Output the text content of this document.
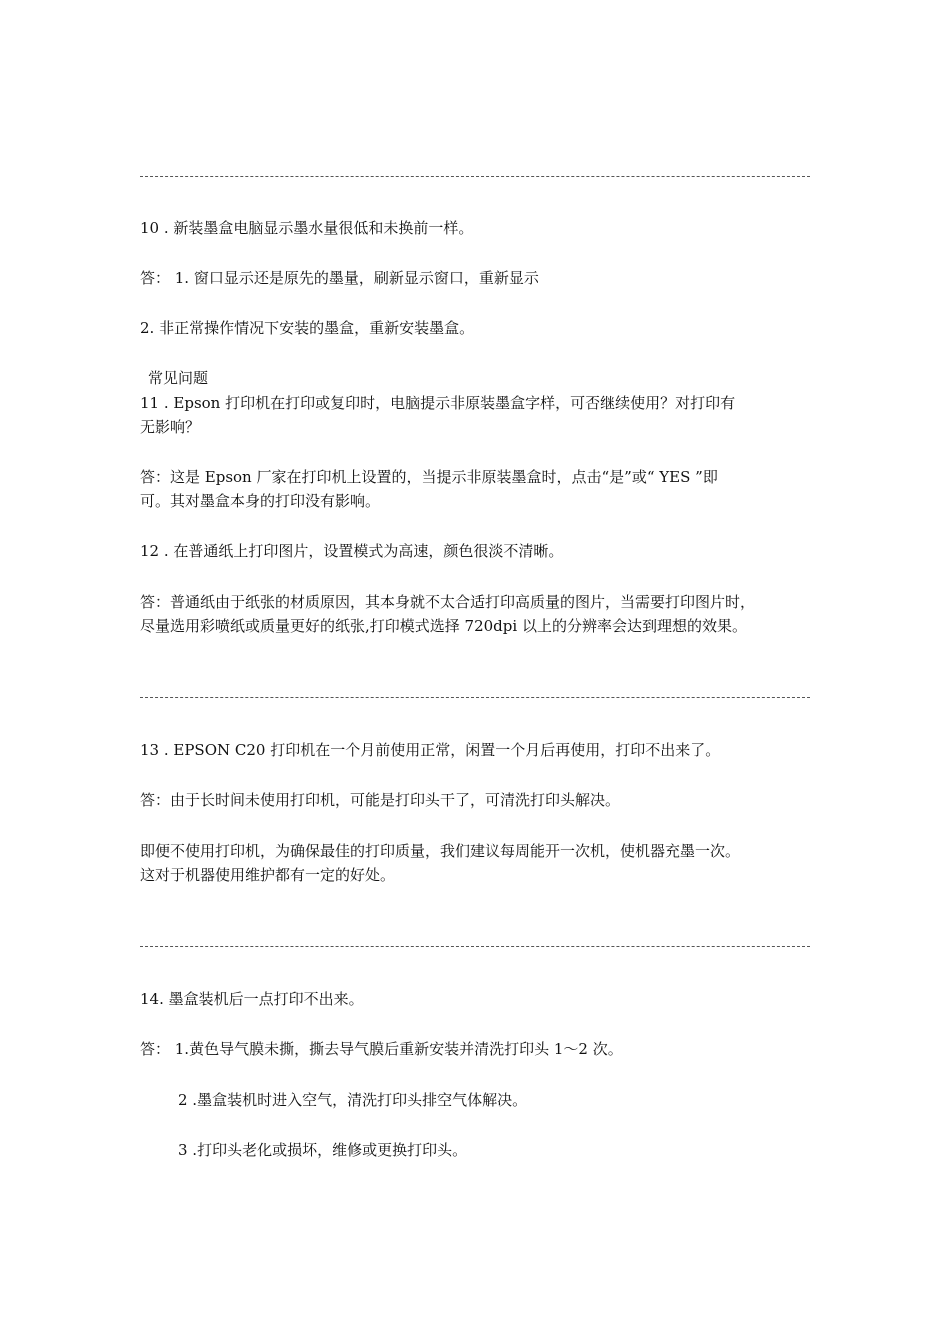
10 . 新装墨盒电脑显示墨水量很低和未换前一样。

答： 1. 窗口显示还是原先的墨量，刷新显示窗口，重新显示

2. 非正常操作情况下安装的墨盒，重新安装墨盒。

常见问题

11 . Epson 打印机在打印或复印时，电脑提示非原装墨盒字样，可否继续使用？对打印有

无影响？

答：这是 Epson 厂家在打印机上设置的，当提示非原装墨盒时，点击“是”或“ YES ”即

可。其对墨盒本身的打印没有影响。

12 . 在普通纸上打印图片，设置模式为高速，颜色很淡不清晰。

答：普通纸由于纸张的材质原因，其本身就不太合适打印高质量的图片，当需要打印图片时，

尽量选用彩喷纸或质量更好的纸张,打印模式选择 720dpi 以上的分辨率会达到理想的效果。

13 . EPSON C20 打印机在一个月前使用正常，闲置一个月后再使用，打印不出来了。

答：由于长时间未使用打印机，可能是打印头干了，可清洗打印头解决。

即便不使用打印机，为确保最佳的打印质量，我们建议每周能开一次机，使机器充墨一次。

这对于机器使用维护都有一定的好处。

14. 墨盒装机后一点打印不出来。

答： 1.黄色导气膜未撕，撕去导气膜后重新安装并清洗打印头 1～2 次。

2 .墨盒装机时进入空气，清洗打印头排空气体解决。

3 .打印头老化或损坏，维修或更换打印头。
